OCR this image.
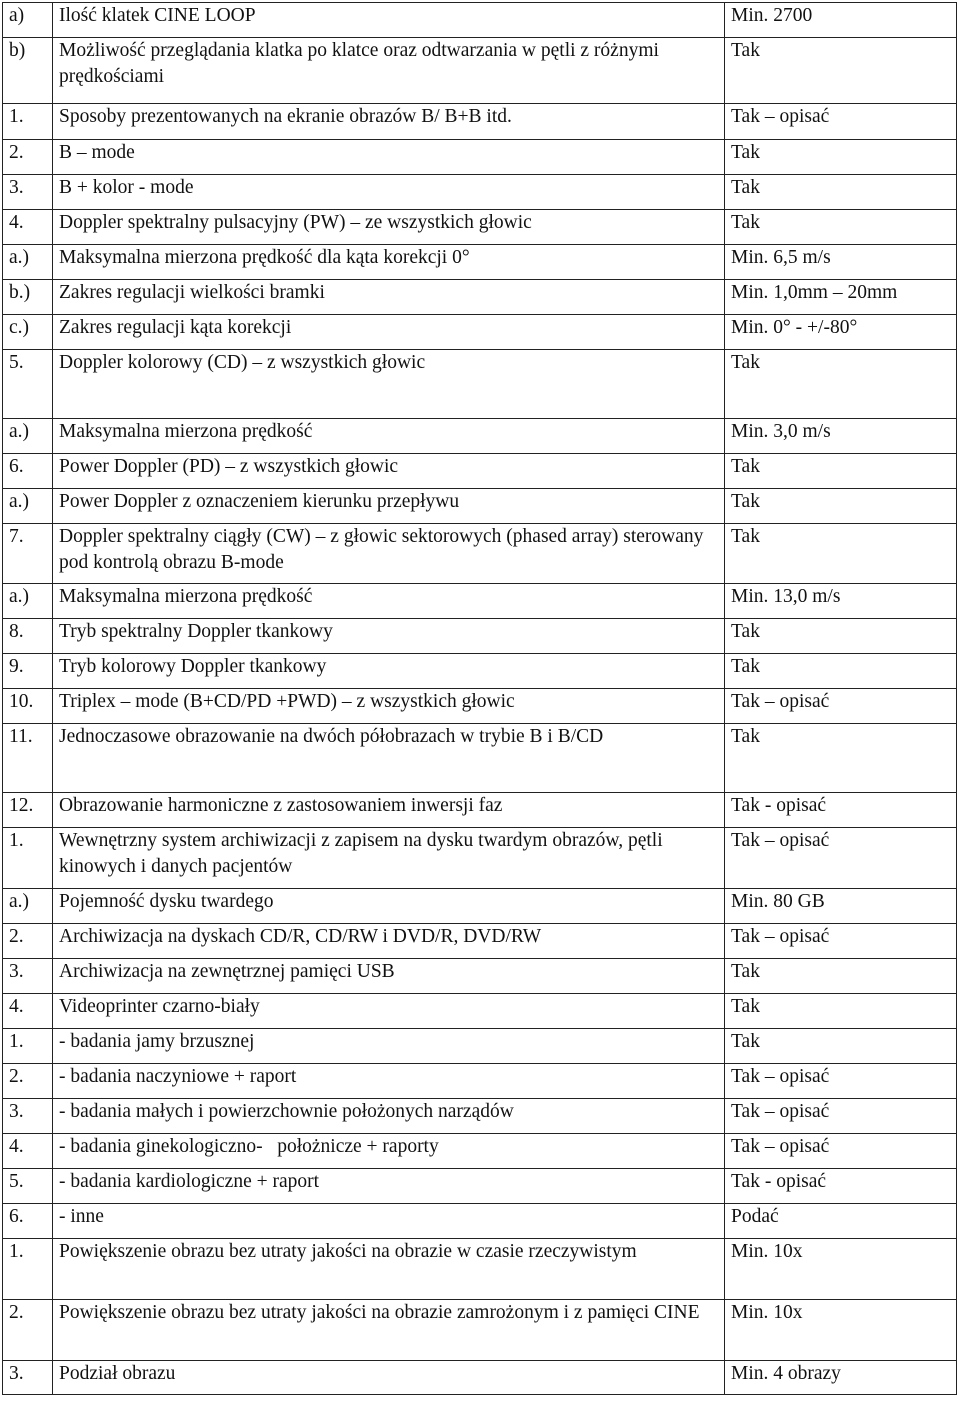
a)	Ilość klatek CINE LOOP	Min. 2700
b)	Możliwość przeglądania klatka po klatce oraz odtwarzania w pętli z różnymi prędkościami	Tak
1.	Sposoby prezentowanych na ekranie obrazów B/ B+B itd.	Tak – opisać
2.	B – mode	Tak
3.	B + kolor - mode	Tak
4.	Doppler spektralny pulsacyjny (PW) – ze wszystkich głowic	Tak
a.)	Maksymalna mierzona prędkość dla kąta korekcji 0°	Min. 6,5 m/s
b.)	Zakres regulacji wielkości bramki	Min. 1,0mm – 20mm
c.)	Zakres regulacji kąta korekcji	Min. 0° - +/-80°
5.	Doppler kolorowy (CD) – z wszystkich głowic	Tak
a.)	Maksymalna mierzona prędkość	Min. 3,0 m/s
6.	Power Doppler (PD) – z wszystkich głowic	Tak
a.)	Power Doppler z oznaczeniem kierunku przepływu	Tak
7.	Doppler spektralny ciągły (CW) – z głowic sektorowych (phased array) sterowany pod kontrolą obrazu B-mode	Tak
a.)	Maksymalna mierzona prędkość	Min. 13,0 m/s
8.	Tryb spektralny Doppler tkankowy	Tak
9.	Tryb kolorowy Doppler tkankowy	Tak
10.	Triplex – mode (B+CD/PD +PWD) – z wszystkich głowic	Tak – opisać
11.	Jednoczasowe obrazowanie na dwóch półobrazach w trybie B i B/CD	Tak
12.	Obrazowanie harmoniczne z zastosowaniem inwersji faz	Tak - opisać
1.	Wewnętrzny system archiwizacji z zapisem na dysku twardym obrazów, pętli kinowych i danych pacjentów	Tak – opisać
a.)	Pojemność dysku twardego	Min. 80 GB
2.	Archiwizacja na dyskach CD/R, CD/RW i DVD/R, DVD/RW	Tak – opisać
3.	Archiwizacja na zewnętrznej pamięci USB	Tak
4.	Videoprinter czarno-biały	Tak
1.	- badania jamy brzusznej	Tak
2.	- badania naczyniowe + raport	Tak – opisać
3.	- badania małych i powierzchownie położonych narządów	Tak – opisać
4.	- badania ginekologiczno-   położnicze + raporty	Tak – opisać
5.	- badania kardiologiczne + raport	Tak - opisać
6.	- inne	Podać
1.	Powiększenie obrazu bez utraty jakości na obrazie w czasie rzeczywistym	Min. 10x
2.	Powiększenie obrazu bez utraty jakości na obrazie zamrożonym i z pamięci CINE	Min. 10x
3.	Podział obrazu	Min. 4 obrazy
